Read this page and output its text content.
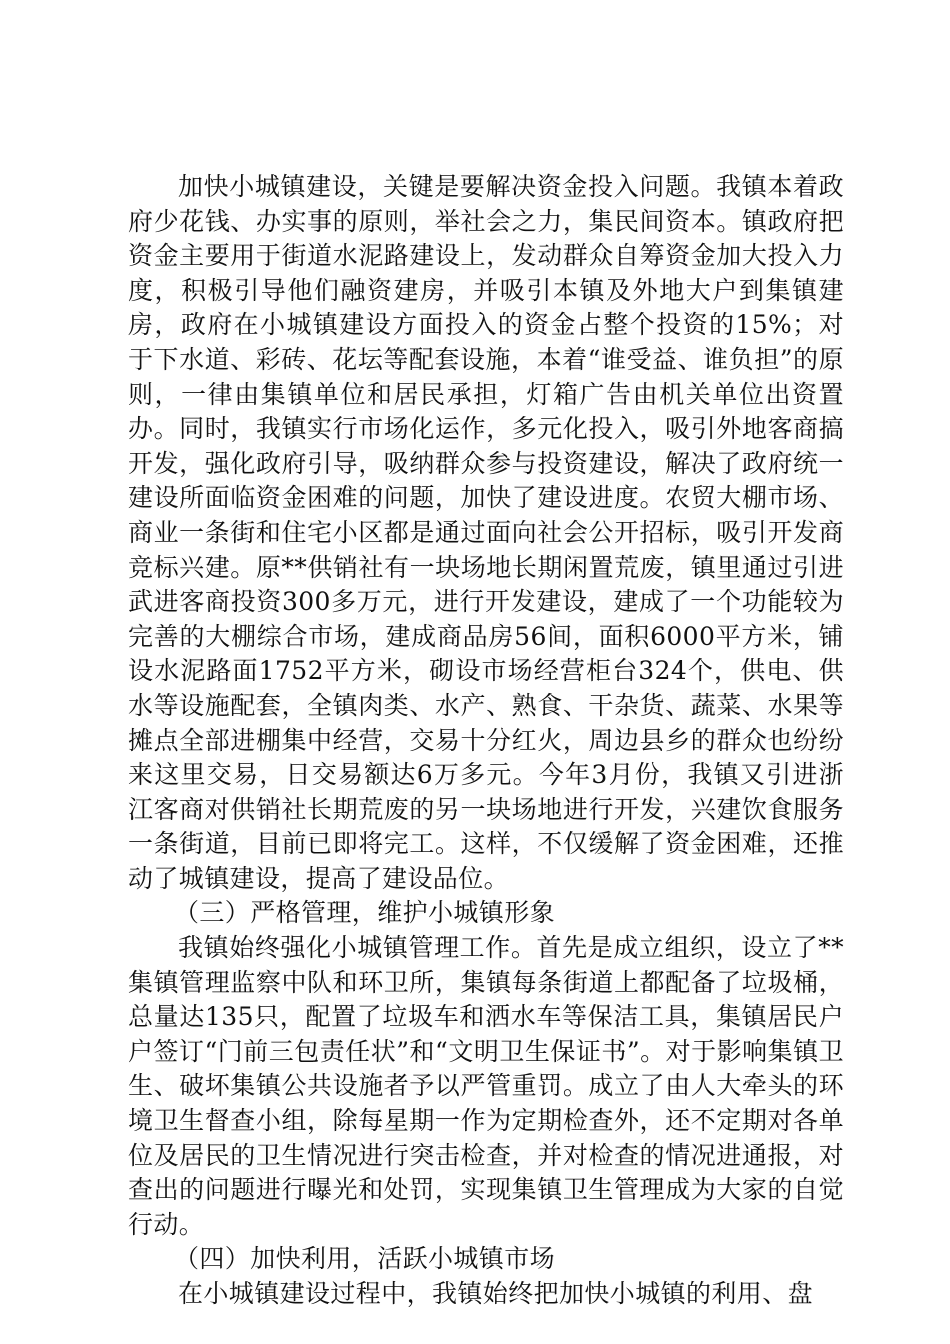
加快小城镇建设，关键是要解决资金投入问题。我镇本着政府少花钱、办实事的原则，举社会之力，集民间资本。镇政府把资金主要用于街道水泥路建设上，发动群众自筹资金加大投入力度，积极引导他们融资建房，并吸引本镇及外地大户到集镇建房，政府在小城镇建设方面投入的资金占整个投资的15%；对于下水道、彩砖、花坛等配套设施，本着“谁受益、谁负担”的原则，一律由集镇单位和居民承担，灯箱广告由机关单位出资置办。同时，我镇实行市场化运作，多元化投入，吸引外地客商搞开发，强化政府引导，吸纳群众参与投资建设，解决了政府统一建设所面临资金困难的问题，加快了建设进度。农贸大棚市场、商业一条街和住宅小区都是通过面向社会公开招标，吸引开发商竞标兴建。原**供销社有一块场地长期闲置荒废，镇里通过引进武进客商投资300多万元，进行开发建设，建成了一个功能较为完善的大棚综合市场，建成商品房56间，面积6000平方米，铺设水泥路面1752平方米，砌设市场经营柜台324个，供电、供水等设施配套，全镇肉类、水产、熟食、干杂货、蔬菜、水果等摊点全部进棚集中经营，交易十分红火，周边县乡的群众也纷纷来这里交易，日交易额达6万多元。今年3月份，我镇又引进浙江客商对供销社长期荒废的另一块场地进行开发，兴建饮食服务一条街道，目前已即将完工。这样，不仅缓解了资金困难，还推动了城镇建设，提高了建设品位。

（三）严格管理，维护小城镇形象

我镇始终强化小城镇管理工作。首先是成立组织，设立了**集镇管理监察中队和环卫所，集镇每条街道上都配备了垃圾桶，总量达135只，配置了垃圾车和洒水车等保洁工具，集镇居民户户签订“门前三包责任状”和“文明卫生保证书”。对于影响集镇卫生、破坏集镇公共设施者予以严管重罚。成立了由人大牵头的环境卫生督查小组，除每星期一作为定期检查外，还不定期对各单位及居民的卫生情况进行突击检查，并对检查的情况进通报，对查出的问题进行曝光和处罚，实现集镇卫生管理成为大家的自觉行动。

（四）加快利用，活跃小城镇市场

在小城镇建设过程中，我镇始终把加快小城镇的利用、盘
